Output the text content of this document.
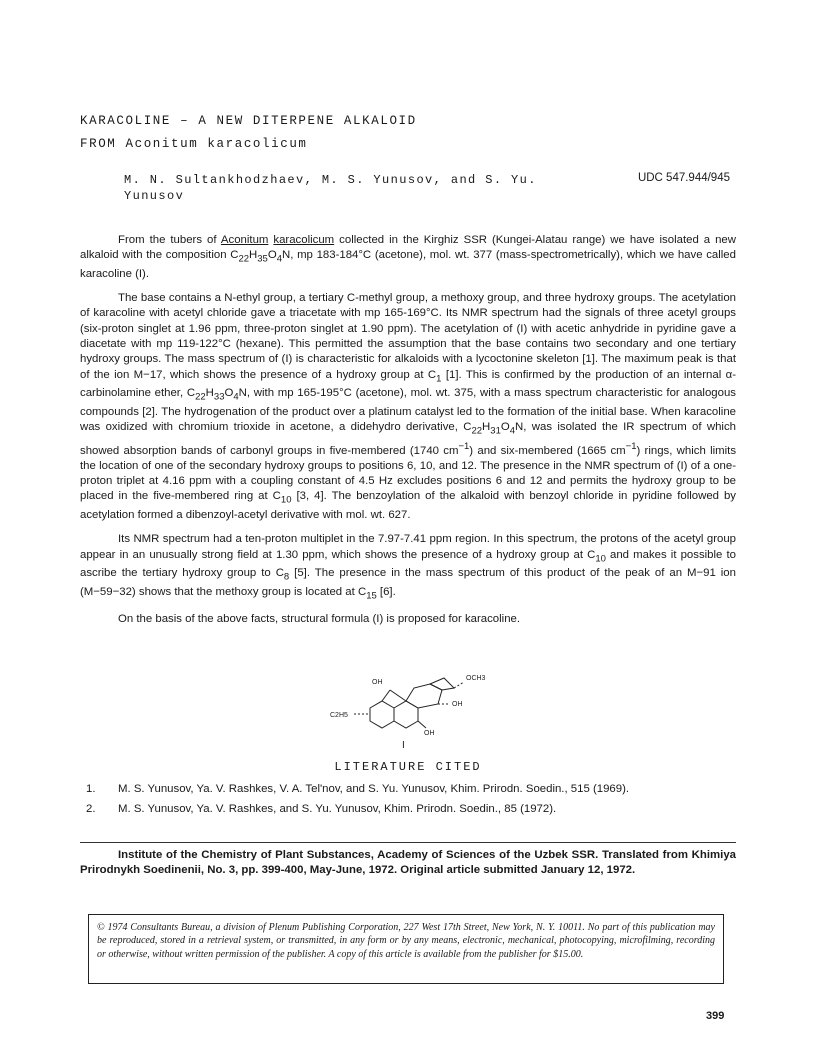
KARACOLINE – A NEW DITERPENE ALKALOID
FROM Aconitum karacolicum
M. N. Sultankhodzhaev, M. S. Yunusov, and S. Yu. Yunusov
UDC 547.944/945

From the tubers of Aconitum karacolicum collected in the Kirghiz SSR (Kungei-Alatau range) we have isolated a new alkaloid with the composition $C_{22}H_{35}O_4N$, mp 183-184°C (acetone), mol. wt. 377 (mass-spectrometrically), which we have called karacoline (I).

The base contains a N-ethyl group, a tertiary C-methyl group, a methoxy group, and three hydroxy groups. The acetylation of karacoline with acetyl chloride gave a triacetate with mp 165-169°C. Its NMR spectrum had the signals of three acetyl groups (six-proton singlet at 1.96 ppm, three-proton singlet at 1.90 ppm). The acetylation of (I) with acetic anhydride in pyridine gave a diacetate with mp 119-122°C (hexane). This permitted the assumption that the base contains two secondary and one tertiary hydroxy groups. The mass spectrum of (I) is characteristic for alkaloids with a lycoctonine skeleton [1]. The maximum peak is that of the ion M−17, which shows the presence of a hydroxy group at $C_1$ [1]. This is confirmed by the production of an internal α-carbinolamine ether, $C_{22}H_{33}O_4N$, with mp 165-195°C (acetone), mol. wt. 375, with a mass spectrum characteristic for analogous compounds [2]. The hydrogenation of the product over a platinum catalyst led to the formation of the initial base. When karacoline was oxidized with chromium trioxide in acetone, a didehydro derivative, $C_{22}H_{31}O_4N$, was isolated the IR spectrum of which showed absorption bands of carbonyl groups in five-membered (1740 $cm^{-1}$) and six-membered (1665 $cm^{-1}$) rings, which limits the location of one of the secondary hydroxy groups to positions 6, 10, and 12. The presence in the NMR spectrum of (I) of a one-proton triplet at 4.16 ppm with a coupling constant of 4.5 Hz excludes positions 6 and 12 and permits the hydroxy group to be placed in the five-membered ring at $C_{10}$ [3, 4]. The benzoylation of the alkaloid with benzoyl chloride in pyridine followed by acetylation formed a dibenzoyl-acetyl derivative with mol. wt. 627.

Its NMR spectrum had a ten-proton multiplet in the 7.97-7.41 ppm region. In this spectrum, the protons of the acetyl group appear in an unusually strong field at 1.30 ppm, which shows the presence of a hydroxy group at $C_{10}$ and makes it possible to ascribe the tertiary hydroxy group to $C_8$ [5]. The presence in the mass spectrum of this product of the peak of an M−91 ion (M−59−32) shows that the methoxy group is located at $C_{15}$ [6].

On the basis of the above facts, structural formula (I) is proposed for karacoline.

OCH3
OH
OH
OH
C2H5
I
LITERATURE CITED
1.	M. S. Yunusov, Ya. V. Rashkes, V. A. Tel'nov, and S. Yu. Yunusov, Khim. Prirodn. Soedin., 515 (1969).
2.	M. S. Yunusov, Ya. V. Rashkes, and S. Yu. Yunusov, Khim. Prirodn. Soedin., 85 (1972).

Institute of the Chemistry of Plant Substances, Academy of Sciences of the Uzbek SSR. Translated from Khimiya Prirodnykh Soedinenii, No. 3, pp. 399-400, May-June, 1972. Original article submitted January 12, 1972.

© 1974 Consultants Bureau, a division of Plenum Publishing Corporation, 227 West 17th Street, New York, N. Y. 10011. No part of this publication may be reproduced, stored in a retrieval system, or transmitted, in any form or by any means, electronic, mechanical, photocopying, microfilming, recording or otherwise, without written permission of the publisher. A copy of this article is available from the publisher for $15.00.

399
